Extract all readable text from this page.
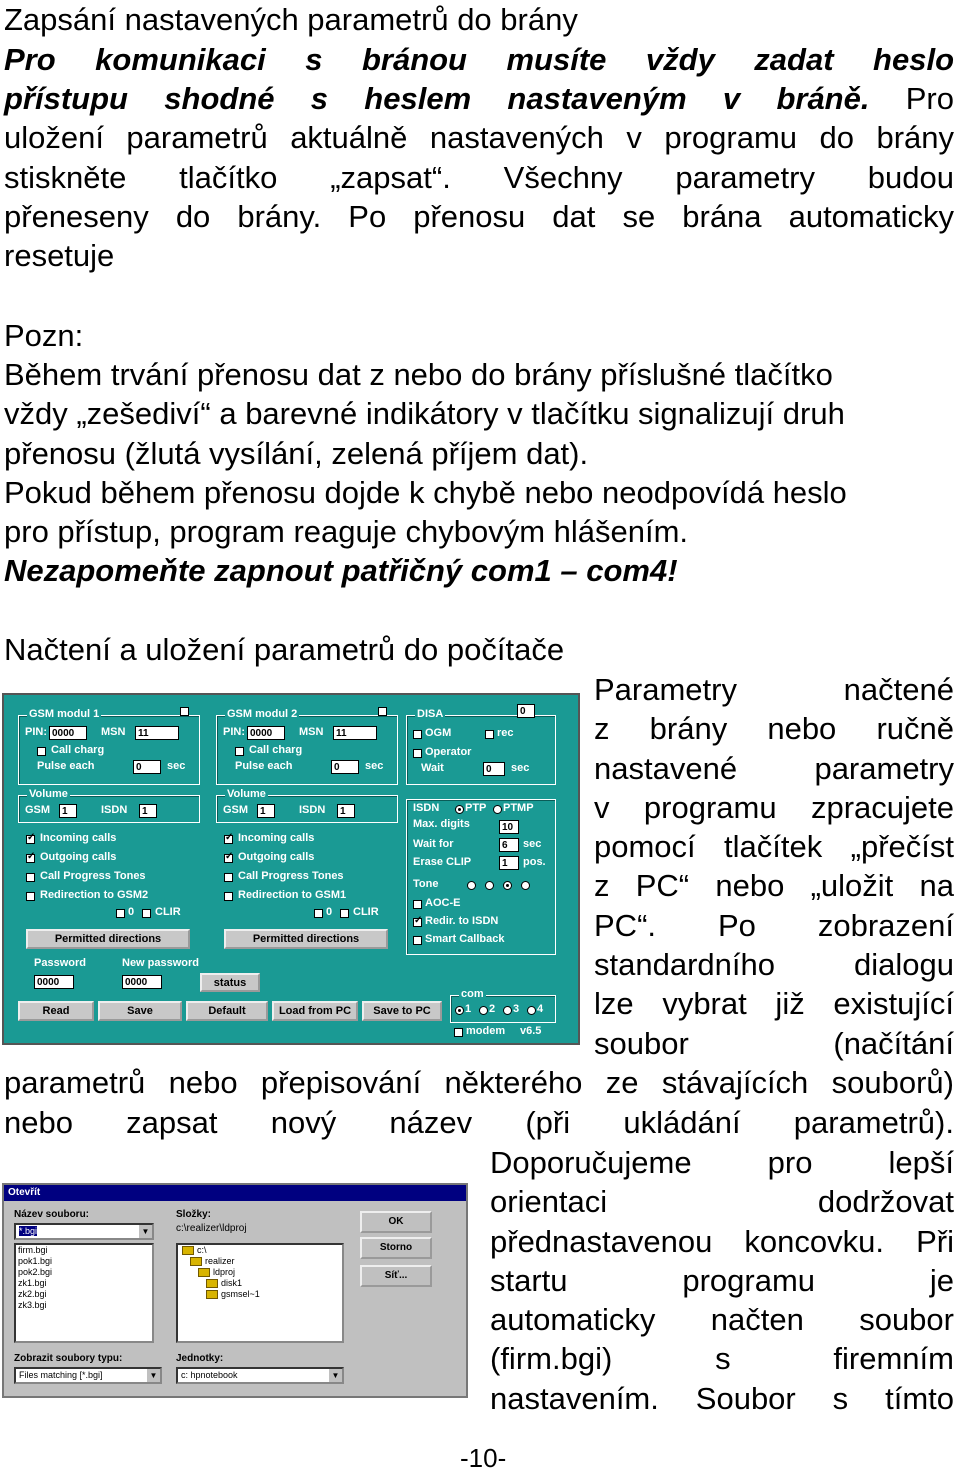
Zapsání nastavených parametrů do brány
Pro komunikaci s bránou musíte vždy zadat heslo
přístupu shodné s heslem nastaveným v bráně. Pro
uložení parametrů aktuálně nastavených v programu do brány
stiskněte tlačítko „zapsat“. Všechny parametry budou
přeneseny do brány. Po přenosu dat se brána automaticky
resetuje
Pozn:
Během trvání přenosu dat z nebo do brány příslušné tlačítko
vždy „zešediví“ a barevné indikátory v tlačítku signalizují druh
přenosu (žlutá vysílání, zelená příjem dat).
Pokud během přenosu dojde k chybě nebo neodpovídá heslo
pro přístup, program reaguje chybovým hlášením.
Nezapomeňte zapnout patřičný com1 – com4!
Načtení a uložení parametrů do počítače
Parametry načtené
z brány nebo ručně
nastavené parametry
v programu zpracujete
pomocí tlačítek „přečíst
z PC“ nebo „uložit na
PC“. Po zobrazení
standardního dialogu
lze vybrat již existující
soubor (načítání
parametrů nebo přepisování některého ze stávajících souborů)
nebo zapsat nový název (při ukládání parametrů).
Doporučujeme pro lepší
orientaci dodržovat
přednastavenou koncovku. Při
startu programu je
automaticky načten soubor
(firm.bgi) s firemním
nastavením. Soubor s tímto
GSM modul 1
PIN: 0000	MSN	11
Call charg
Pulse each	0	sec
Volume
GSM	1	ISDN	1
✓
Incoming calls
✓
Outgoing calls
Call Progress Tones
Redirection to GSM2
0 CLIR
Permitted directions
GSM modul 2
PIN: 0000	MSN	11
Call charg
Pulse each	0	sec
Volume
GSM	1	ISDN	1
✓
Incoming calls
✓
Outgoing calls
Call Progress Tones
Redirection to GSM1
0 CLIR
Permitted directions
DISA	0
OGM	rec
Operator
Wait	0	sec
ISDN PTP PTMP
Max. digits	10
Wait for	6	sec
Erase CLIP	1	pos.
Tone
AOC-E
✓
Redir. to ISDN
Smart Callback
Password
0000
New password
0000	status
Read	Save	Default	Load from PC	Save to PC
com
1 2 3 4
modem v6.5
Otevřít
Název souboru:
*.bgi ▼
firm.bgi
pok1.bgi
pok2.bgi
zk1.bgi
zk2.bgi
zk3.bgi
Složky:
c:\realizer\ldproj
c:\
realizer
ldproj
disk1
gsmsel~1
OK
Storno
Síť...
Zobrazit soubory typu:
Files matching [*.bgi] ▼
Jednotky:
c: hpnotebook ▼
-10-
